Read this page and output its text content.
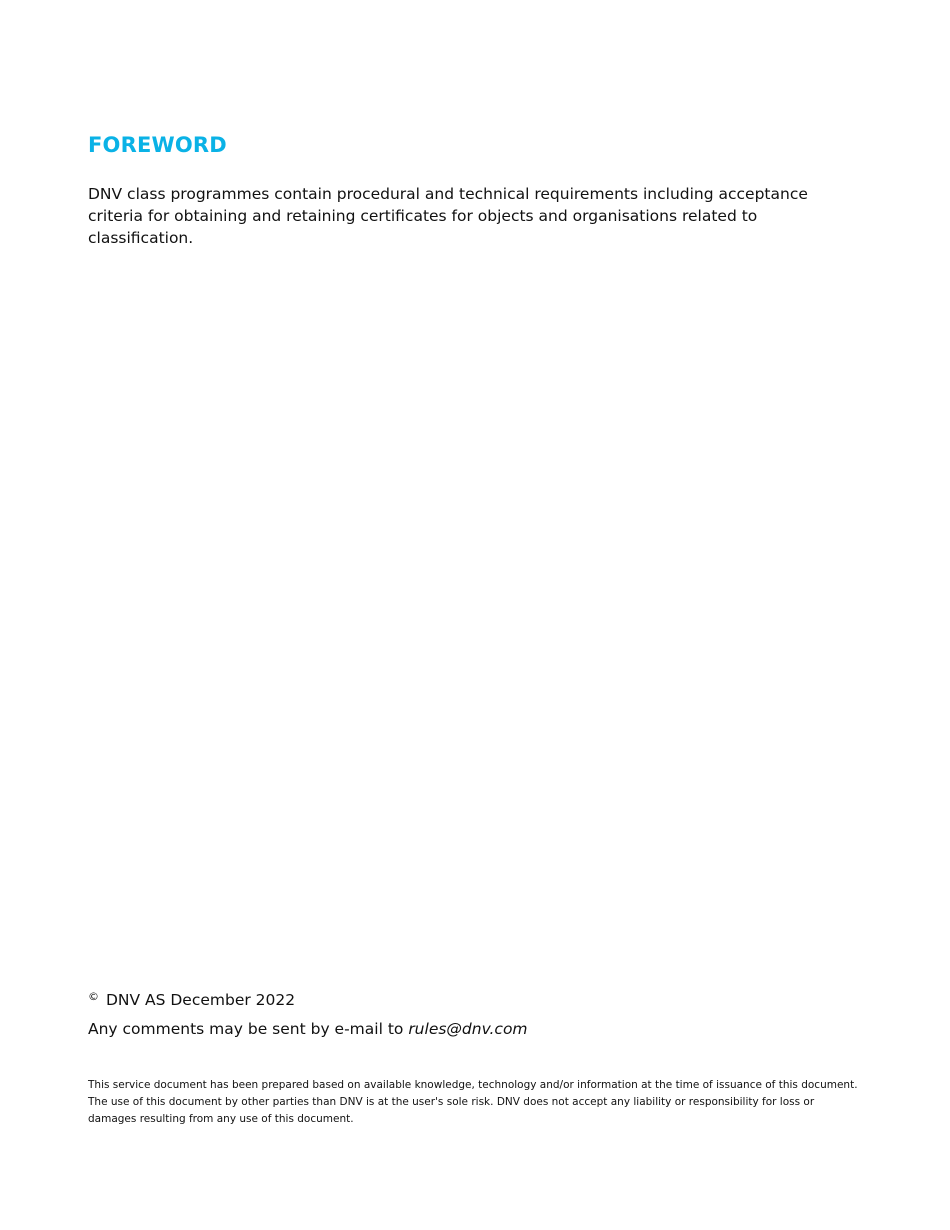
FOREWORD

DNV class programmes contain procedural and technical requirements including acceptance criteria for obtaining and retaining certificates for objects and organisations related to classification.

© DNV AS December 2022

Any comments may be sent by e-mail to rules@dnv.com

This service document has been prepared based on available knowledge, technology and/or information at the time of issuance of this document. The use of this document by other parties than DNV is at the user's sole risk. DNV does not accept any liability or responsibility for loss or damages resulting from any use of this document.
